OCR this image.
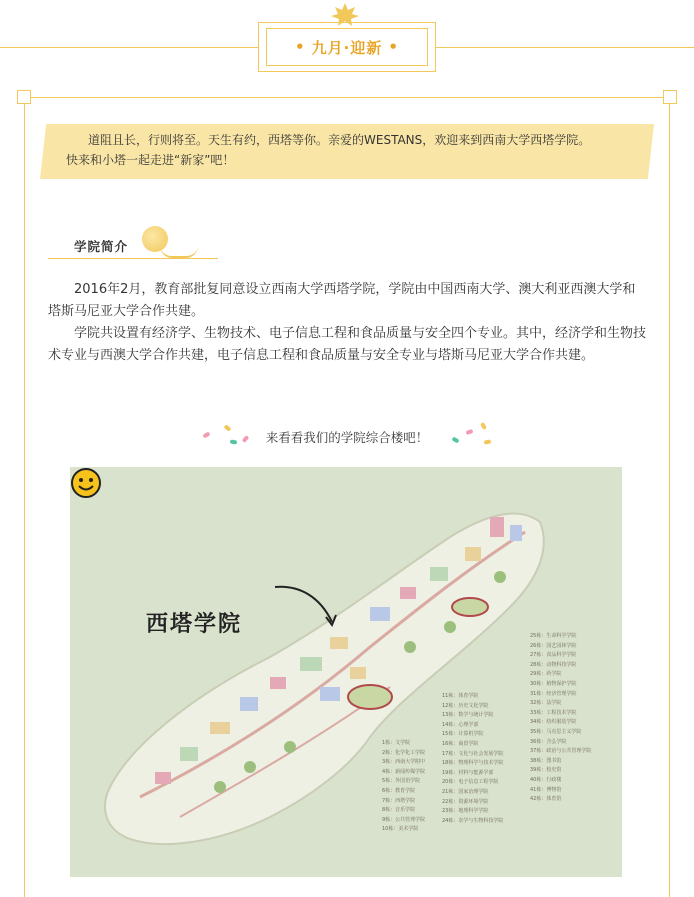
• 九月·迎新 •
道阻且长，行则将至。天生有约，西塔等你。亲爱的WESTANS，欢迎来到西南大学西塔学院。
快来和小塔一起走进“新家”吧！
学院简介

2016年2月，教育部批复同意设立西南大学西塔学院，学院由中国西南大学、澳大利亚西澳大学和塔斯马尼亚大学合作共建。

学院共设置有经济学、生物技术、电子信息工程和食品质量与安全四个专业。其中，经济学和生物技术专业与西澳大学合作共建，电子信息工程和食品质量与安全专业与塔斯马尼亚大学合作共建。

来看看我们的学院综合楼吧！
西塔学院
1栋：文学院
2栋：化学化工学院
3栋：西南大学附中
4栋：新闻传媒学院
5栋：外国语学院
6栋：教育学院
7栋：西塔学院
8栋：音乐学院
9栋：公共管理学院
10栋：美术学院
11栋：体育学院
12栋：历史文化学院
13栋：数学与统计学院
14栋：心理学部
15栋：计算机学院
16栋：商贸学院
17栋：文化与社会发展学院
18栋：物理科学与技术学院
19栋：材料与能源学部
20栋：电子信息工程学院
21栋：国家治理学院
22栋：资源环境学院
23栋：地理科学学院
24栋：农学与生物科技学院
25栋：生命科学学院
26栋：园艺园林学院
27栋：食品科学学院
28栋：动物科技学院
29栋：药学院
30栋：植物保护学院
31栋：经济管理学院
32栋：法学院
33栋：工程技术学院
34栋：纺织服装学院
35栋：马克思主义学院
36栋：含弘学院
37栋：政治与公共管理学院
38栋：图书馆
39栋：校史馆
40栋：行政楼
41栋：博物馆
42栋：体育馆
